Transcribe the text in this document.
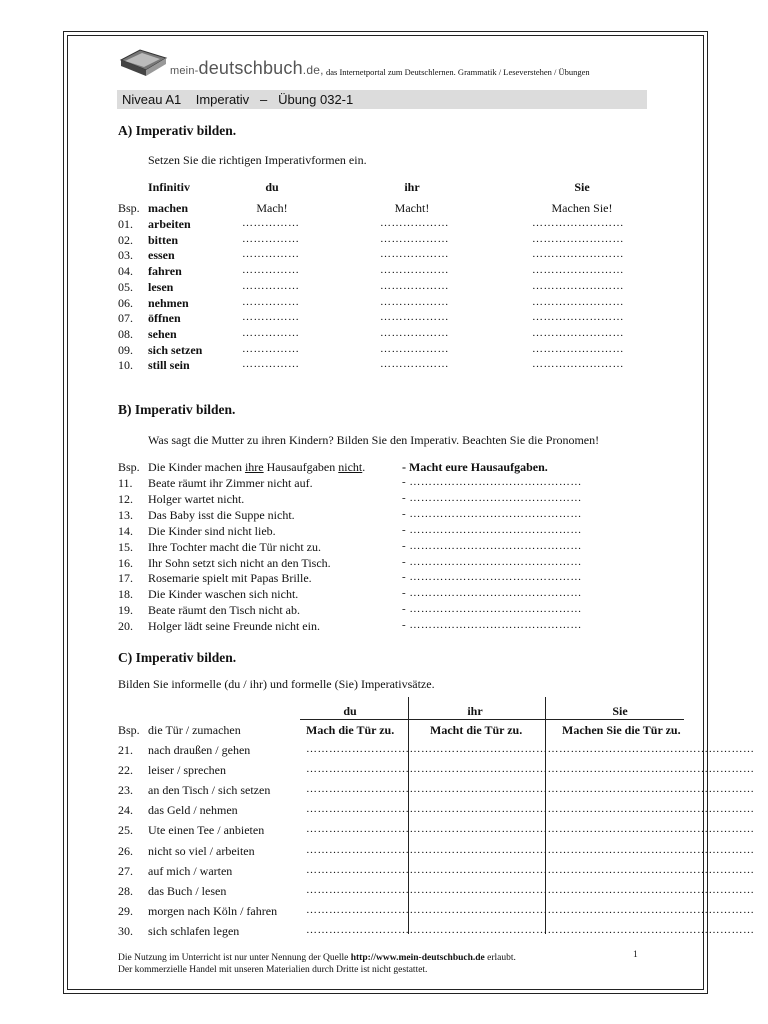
mein-deutschbuch.de, das Internetportal zum Deutschlernen. Grammatik / Leseverstehen / Übungen
Niveau A1    Imperativ   –   Übung 032-1
A) Imperativ bilden.
Setzen Sie die richtigen Imperativformen ein.
Infinitiv	du	ihr	Sie
Bsp. machen	Mach!	Macht!	Machen Sie!
01. arbeiten	……………	………………	……………………
02. bitten	……………	………………	……………………
03. essen	……………	………………	……………………
04. fahren	……………	………………	……………………
05. lesen	……………	………………	……………………
06. nehmen	……………	………………	……………………
07. öffnen	……………	………………	……………………
08. sehen	……………	………………	……………………
09. sich setzen	……………	………………	……………………
10. still sein	……………	………………	……………………
B) Imperativ bilden.
Was sagt die Mutter zu ihren Kindern? Bilden Sie den Imperativ. Beachten Sie die Pronomen!
Bsp. Die Kinder machen ihre Hausaufgaben nicht.	- Macht eure Hausaufgaben.
11. Beate räumt ihr Zimmer nicht auf.	- ………………………………………
12. Holger wartet nicht.	- ………………………………………
13. Das Baby isst die Suppe nicht.	- ………………………………………
14. Die Kinder sind nicht lieb.	- ………………………………………
15. Ihre Tochter macht die Tür nicht zu.	- ………………………………………
16. Ihr Sohn setzt sich nicht an den Tisch.	- ………………………………………
17. Rosemarie spielt mit Papas Brille.	- ………………………………………
18. Die Kinder waschen sich nicht.	- ………………………………………
19. Beate räumt den Tisch nicht ab.	- ………………………………………
20. Holger lädt seine Freunde nicht ein.	- ………………………………………
C) Imperativ bilden.
Bilden Sie informelle (du / ihr) und formelle (Sie) Imperativsätze.
du	ihr	Sie
Bsp. die Tür / zumachen	Mach die Tür zu.	Macht die Tür zu.	Machen Sie die Tür zu.
21. nach draußen / gehen	………………………………………………………………………………………………………
22. leiser / sprechen	………………………………………………………………………………………………………
23. an den Tisch / sich setzen	………………………………………………………………………………………………………
24. das Geld / nehmen	………………………………………………………………………………………………………
25. Ute einen Tee / anbieten	………………………………………………………………………………………………………
26. nicht so viel / arbeiten	………………………………………………………………………………………………………
27. auf mich / warten	………………………………………………………………………………………………………
28. das Buch / lesen	………………………………………………………………………………………………………
29. morgen nach Köln / fahren	………………………………………………………………………………………………………
30. sich schlafen legen	………………………………………………………………………………………………………
Die Nutzung im Unterricht ist nur unter Nennung der Quelle http://www.mein-deutschbuch.de erlaubt.
Der kommerzielle Handel mit unseren Materialien durch Dritte ist nicht gestattet.
1
